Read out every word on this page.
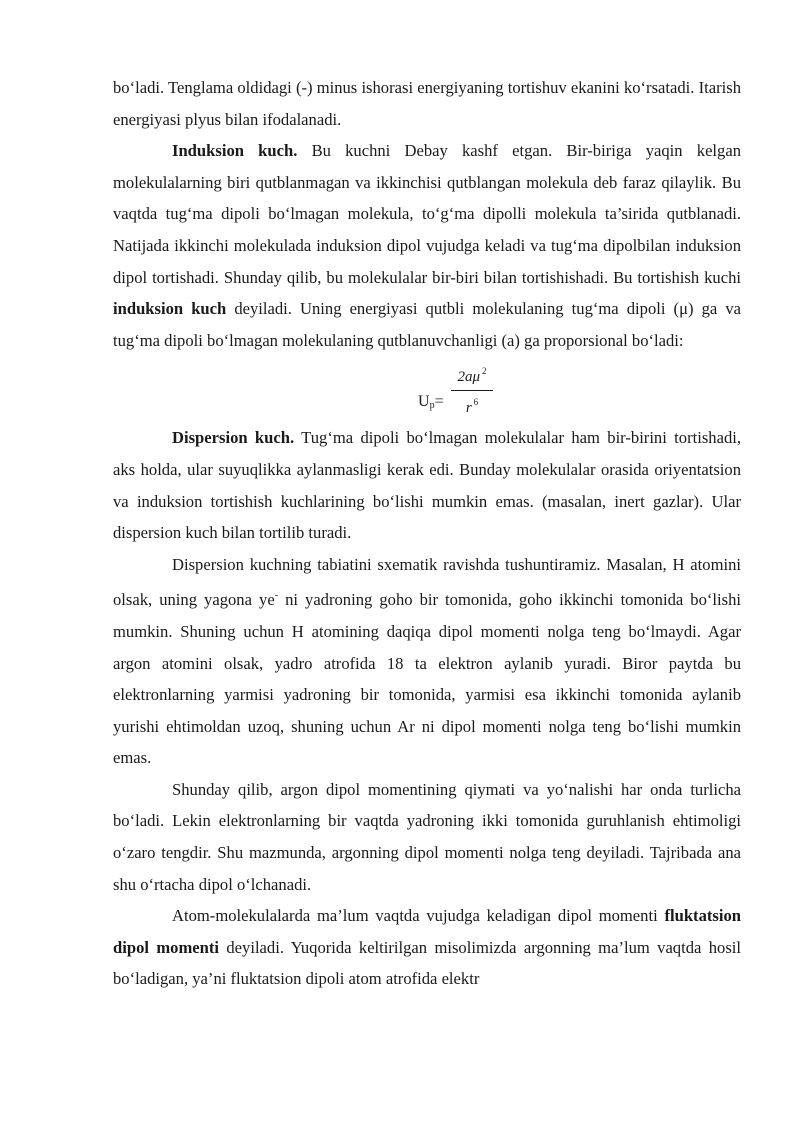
bo‘ladi. Tenglama oldidagi (-) minus ishorasi energiyaning tortishuv ekanini ko‘rsatadi. Itarish energiyasi plyus bilan ifodalanadi.

Induksion kuch. Bu kuchni Debay kashf etgan. Bir-biriga yaqin kelgan molekulalarning biri qutblanmagan va ikkinchisi qutblangan molekula deb faraz qilaylik. Bu vaqtda tug‘ma dipoli bo‘lmagan molekula, to‘g‘ma dipolli molekula ta’sirida qutblanadi. Natijada ikkinchi molekulada induksion dipol vujudga keladi va tug‘ma dipolbilan induksion dipol tortishadi. Shunday qilib, bu molekulalar bir-biri bilan tortishishadi. Bu tortishish kuchi induksion kuch deyiladi. Uning energiyasi qutbli molekulaning tug‘ma dipoli (μ) ga va tug‘ma dipoli bo‘lmagan molekulaning qutblanuvchanligi (a) ga proporsional bo‘ladi:

$U_p=$
2aμ $^2$
r $^6$

Dispersion kuch. Tug‘ma dipoli bo‘lmagan molekulalar ham bir-birini tortishadi, aks holda, ular suyuqlikka aylanmasligi kerak edi. Bunday molekulalar orasida oriyentatsion va induksion tortishish kuchlarining bo‘lishi mumkin emas. (masalan, inert gazlar). Ular dispersion kuch bilan tortilib turadi.

Dispersion kuchning tabiatini sxematik ravishda tushuntiramiz. Masalan, H atomini olsak, uning yagona ye- ni yadroning goho bir tomonida, goho ikkinchi tomonida bo‘lishi mumkin. Shuning uchun H atomining daqiqa dipol momenti nolga teng bo‘lmaydi. Agar argon atomini olsak, yadro atrofida 18 ta elektron aylanib yuradi. Biror paytda bu elektronlarning yarmisi yadroning bir tomonida, yarmisi esa ikkinchi tomonida aylanib yurishi ehtimoldan uzoq, shuning uchun Ar ni dipol momenti nolga teng bo‘lishi mumkin emas.

Shunday qilib, argon dipol momentining qiymati va yo‘nalishi har onda turlicha bo‘ladi. Lekin elektronlarning bir vaqtda yadroning ikki tomonida guruhlanish ehtimoligi o‘zaro tengdir. Shu mazmunda, argonning dipol momenti nolga teng deyiladi. Tajribada ana shu o‘rtacha dipol o‘lchanadi.

Atom-molekulalarda ma’lum vaqtda vujudga keladigan dipol momenti fluktatsion dipol momenti deyiladi. Yuqorida keltirilgan misolimizda argonning ma’lum vaqtda hosil bo‘ladigan, ya’ni fluktatsion dipoli atom atrofida elektr
